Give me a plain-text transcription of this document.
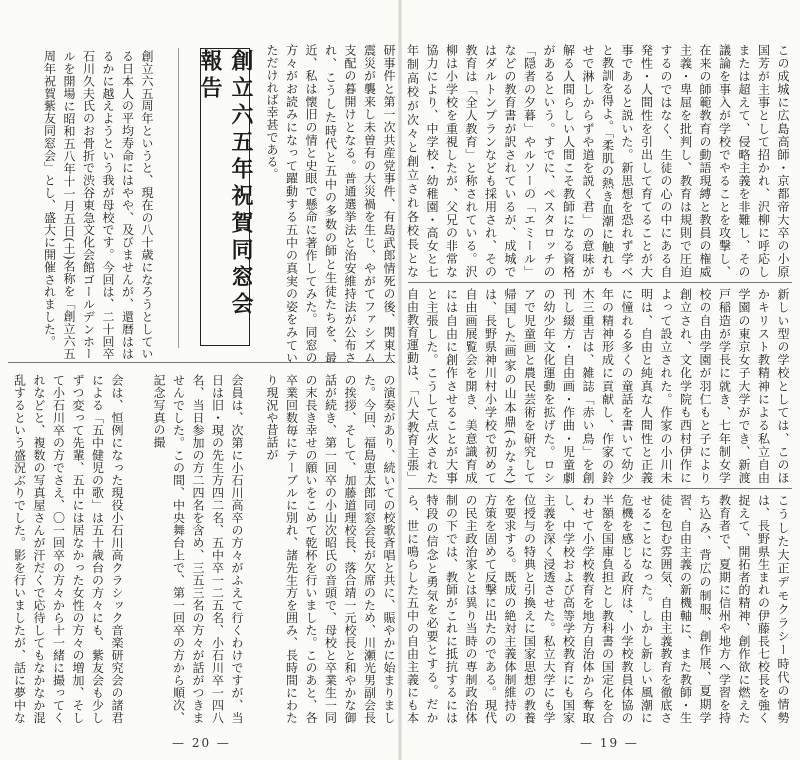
創立六五周年というと、現在の八十歳になろうとしている日本人の平均寿命にはやや、及びませんが、還暦ははるかに越えようという我が母校です。今回は、二十回卒石川久夫氏のお骨折で渋谷東急文化会館ゴールデンホールを開場に昭和五八年十一月五日(土)名称を「創立六五周年祝賀紫友同窓会」とし、盛大に開催されました。	創立六五年祝賀同窓会報告	研事件と第一次共産党事件、有島武郎情死の後、関東大震災が襲来し未曽有の大災禍を生じ、やがてファシズム支配の暮開けとなる。普通選挙法と治安維持法が公布され、こうした時代と五中の多数の師と生徒たちを、最近、私は懐旧の情と史眼で懸命に著作してみた。同窓の方々がお読みになって躍動する五中の真実の姿をみていただければ幸甚である。
会は、恒例になった現役小石川高クラシック音楽研究会の諸君による「五中健児の歌」は五十歳台の方々にも、紫友会も少しずつ変って先輩、五中には居なかった女性の方々の増加、そして小石川卒の方でさえ、〇一回卒の方々から十一緒に撮ってくれなどと、複数の写真屋さんが汗だくで応待してもなかなか混乱するという盛況ぶりでした。影を行いましたが、話に夢中な	会員は、次第に小石川高卒の方々がふえて行くわけですが、当日は旧・現の先生方四二名、五中卒一二五名、小石川卒一四八名、当日参加の方二四名を含め、三五三名の方々が話がつきませんでした。この間、中央舞台上で、第一回卒の方から順次、記念写真の撮	の演奏があり、続いての校歌斉唱と共に、賑やかに始まりました。今回、福島恵太郎同窓会長が欠席のため、川瀬光男副会長の挨拶、そして、加藤道理校長、落合靖一元校長と和やかな御話が続き、第一回卒の小山次昭氏の音頭で、母校と卒業生一同の末長き幸せの願いをこめて乾杯を行いました。このあと、各卒業回数毎にテーブルに別れ、諸先生方を囲み、長時間にわたり現況や昔話が
— 20 —
この成城に広島高師・京都帝大卒の小原国芳が主事として招かれ、沢柳に呼応しまたは超えて、侵略主義を非難し、その議論を事入が学校でやることを攻撃し、在来の師範教育の動語現縛と教員の権威主義・卑屈を批判し、教育は規則で圧迫するのではなく、生徒の心の中にある自発性・人間性を引出して育てることが大事であると説いた。新思想を恐れず学べと教訓を得よ。「柔肌の熱き血潮に触れもせで淋しからずや道を説く君」の意味が解る人間らしい人間こそ教師になる資格があるという。すでに、ペスタロッチの「隠者の夕暮」やルソーの「エミール」などの教育書が訳されているが、成城ではダルトンプランなども採用され、その教育は「全人教育」と称されている。沢柳は小学校を重視したが、父兄の非常な協力により、中学校・幼稚園・高女と七年制高校が次々と創立され各校長とな
新しい型の学校としては、このほかキリスト教精神による私立自由学園の東京女子大学ができ、新渡戸稲造が学長に就き、七年制女学校の自由学園が羽仁もと子により創立され、文化学院も西村伊作によって設立された。作家の小川未明は、自由と純真な人間性と正義に憧れる多くの童話を書いて幼少年の精神形成に貢献し、作家の鈴木三重吉は、雑誌「赤い鳥」を創刊し綴方・自由画・作曲・児童劇の幼少年文化運動を拡げた。ロシアで児童画と農民芸術を研究して帰国した画家の山本鼎(かなえ)は、長野県神川村小学校で初めて自由画展覧会を開き、美意識育成には自由に創作させることが大事と主張した。こうして点火された自由教育運動は、「八大教育主張」
こうした大正デモクラシー時代の情勢は、長野県生まれの伊藤長七校長を強く捉えて、開拓者的精神、創作欲に燃えた教育者で、夏期に信州や地方へ学習を持ち込み、背広の制服、創作展、夏期学習、自由主義の新機軸に、また教師・生徒を包む雰囲気、自由主義教育を徹底させることになった。しかし新しい風潮に危機を感じる政府は、小学校教員体協の半額を国庫負担とし教科書の国定化を合わせて小学校教育を地方自治体から奪取し、中学校および高等学校教育にも国家主義を深く浸透させた。私立大学にも学位授与の特典と引換えに国家思想の教養を要求する。既成の絶対主義体制維持の方策を固めて反撃に出たのである。現代の民主政治家とは異り当時の専制政治体制の下では、教師がこれに抵抗するには特段の信念と勇気を必要とする。だから、世に鳴らした五中の自由主義にも本
— 19 —
